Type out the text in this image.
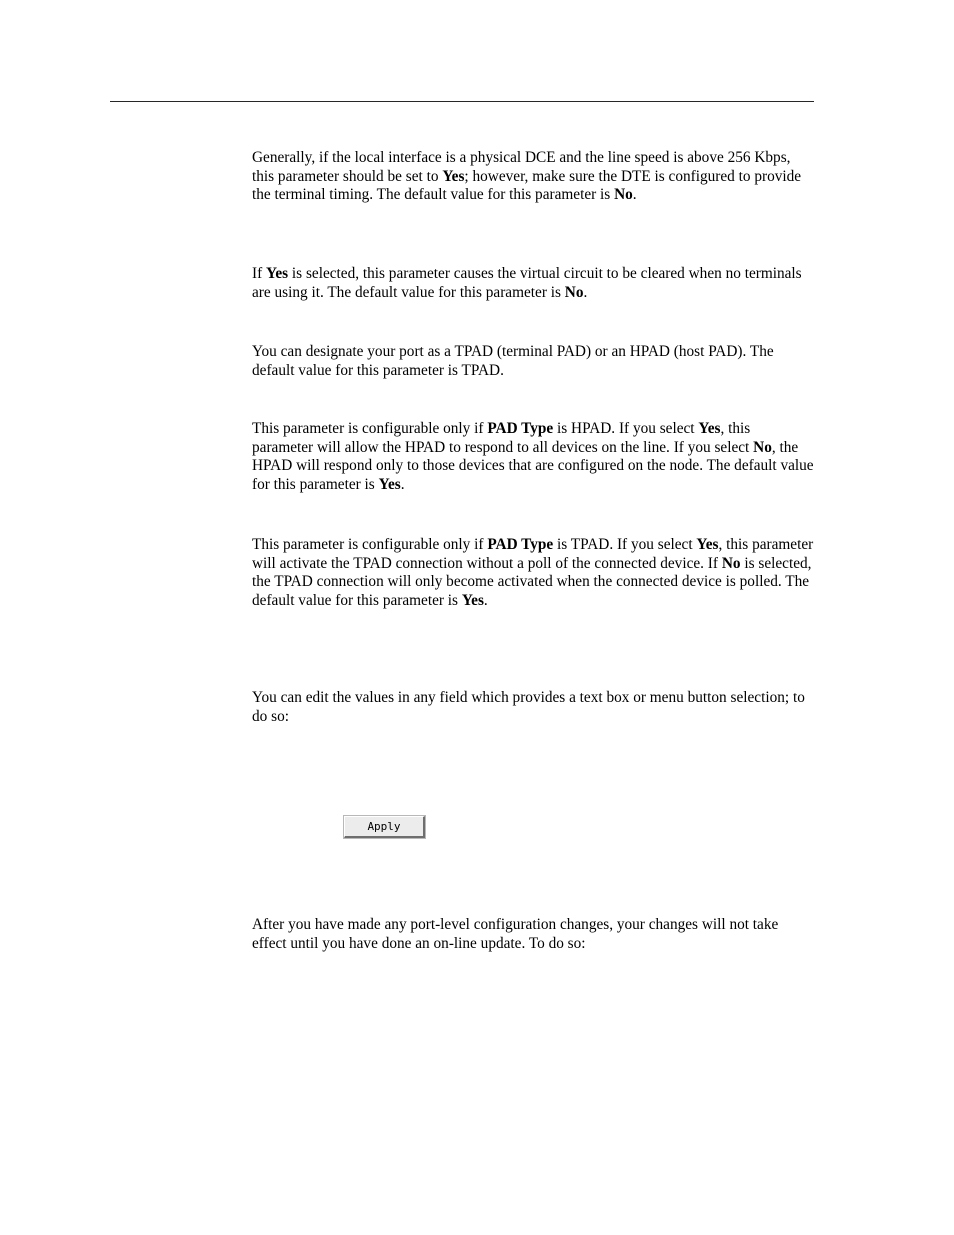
Generally, if the local interface is a physical DCE and the line speed is above 256 Kbps, this parameter should be set to Yes; however, make sure the DTE is configured to provide the terminal timing. The default value for this parameter is No.

If Yes is selected, this parameter causes the virtual circuit to be cleared when no terminals are using it. The default value for this parameter is No.

You can designate your port as a TPAD (terminal PAD) or an HPAD (host PAD). The default value for this parameter is TPAD.

This parameter is configurable only if PAD Type is HPAD. If you select Yes, this parameter will allow the HPAD to respond to all devices on the line. If you select No, the HPAD will respond only to those devices that are configured on the node. The default value for this parameter is Yes.

This parameter is configurable only if PAD Type is TPAD. If you select Yes, this parameter will activate the TPAD connection without a poll of the connected device. If No is selected, the TPAD connection will only become activated when the connected device is polled. The default value for this parameter is Yes.

You can edit the values in any field which provides a text box or menu button selection; to do so:

Apply

After you have made any port-level configuration changes, your changes will not take effect until you have done an on-line update. To do so:
